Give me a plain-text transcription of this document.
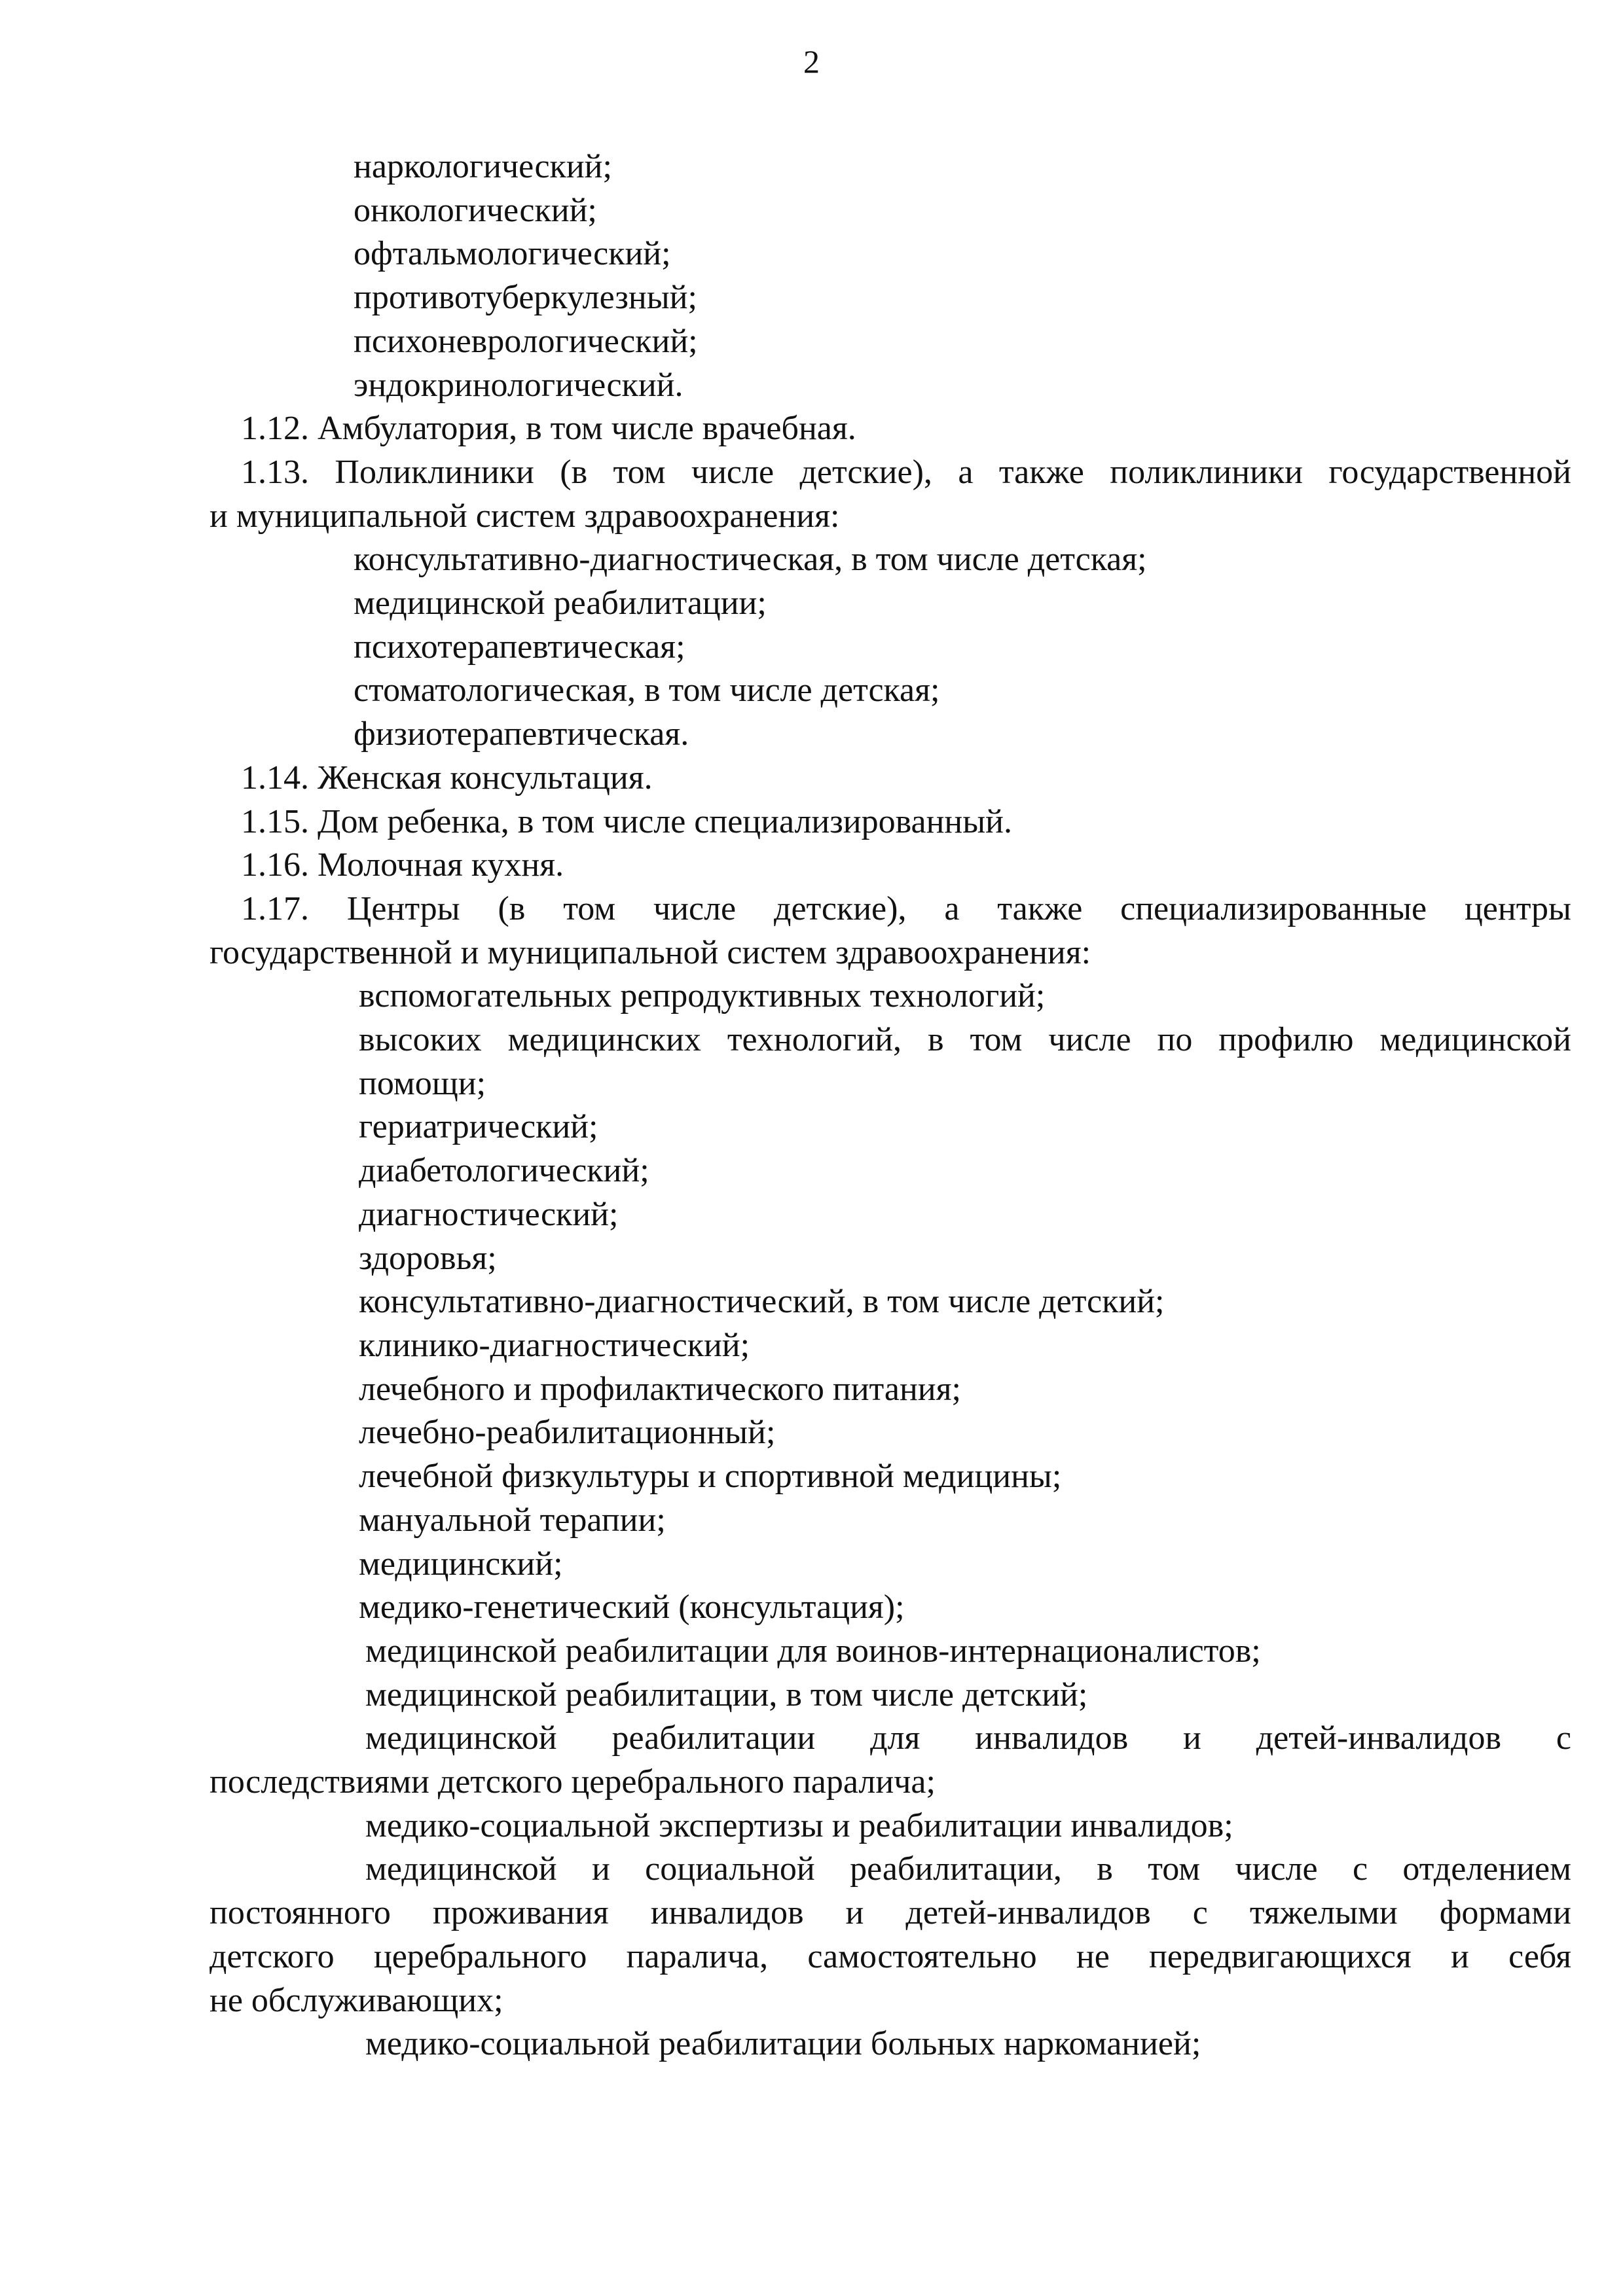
2
наркологический;
онкологический;
офтальмологический;
противотуберкулезный;
психоневрологический;
эндокринологический.
1.12. Амбулатория, в том числе врачебная.
1.13. Поликлиники (в том числе детские), а также поликлиники государственной
и муниципальной систем здравоохранения:
консультативно-диагностическая, в том числе детская;
медицинской реабилитации;
психотерапевтическая;
стоматологическая, в том числе детская;
физиотерапевтическая.
1.14. Женская консультация.
1.15. Дом ребенка, в том числе специализированный.
1.16. Молочная кухня.
1.17. Центры (в том числе детские), а также специализированные центры
государственной и муниципальной систем здравоохранения:
вспомогательных репродуктивных технологий;
высоких медицинских технологий, в том числе по профилю медицинской
помощи;
гериатрический;
диабетологический;
диагностический;
здоровья;
консультативно-диагностический, в том числе детский;
клинико-диагностический;
лечебного и профилактического питания;
лечебно-реабилитационный;
лечебной физкультуры и спортивной медицины;
мануальной терапии;
медицинский;
медико-генетический (консультация);
медицинской реабилитации для воинов-интернационалистов;
медицинской реабилитации, в том числе детский;
медицинской реабилитации для инвалидов и детей-инвалидов с
последствиями детского церебрального паралича;
медико-социальной экспертизы и реабилитации инвалидов;
медицинской и социальной реабилитации, в том числе с отделением
постоянного проживания инвалидов и детей-инвалидов с тяжелыми формами
детского церебрального паралича, самостоятельно не передвигающихся и себя
не обслуживающих;
медико-социальной реабилитации больных наркоманией;
